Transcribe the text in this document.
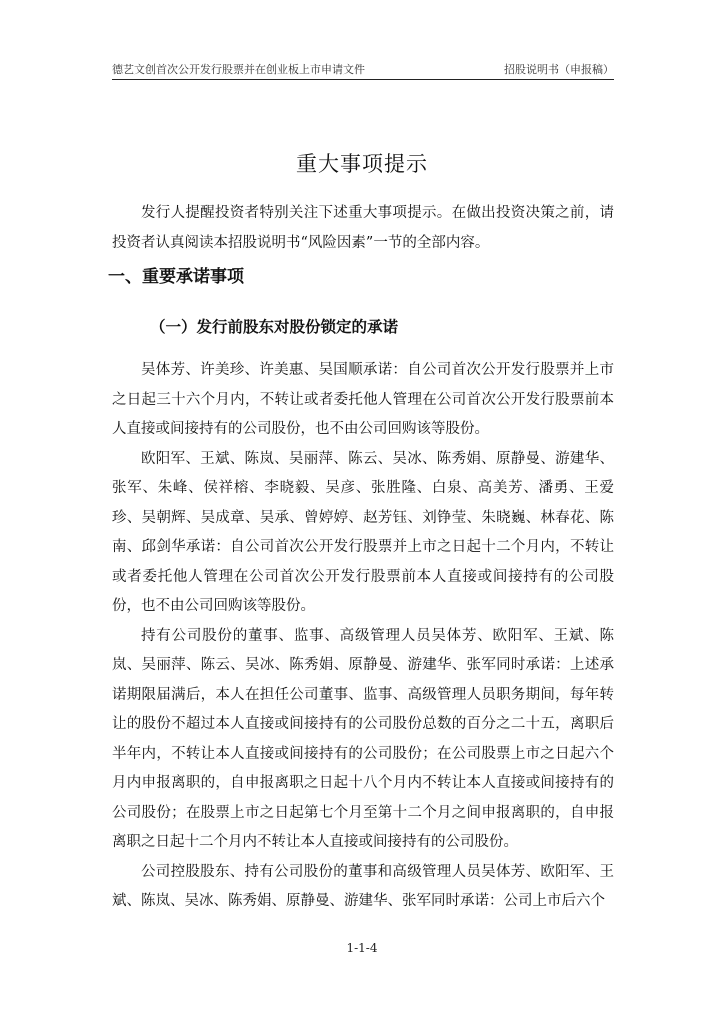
德艺文创首次公开发行股票并在创业板上市申请文件	招股说明书（申报稿）
重大事项提示

发行人提醒投资者特别关注下述重大事项提示。在做出投资决策之前，请投资者认真阅读本招股说明书“风险因素”一节的全部内容。

一、重要承诺事项
（一）发行前股东对股份锁定的承诺

吴体芳、许美珍、许美惠、吴国顺承诺：自公司首次公开发行股票并上市之日起三十六个月内，不转让或者委托他人管理在公司首次公开发行股票前本人直接或间接持有的公司股份，也不由公司回购该等股份。

欧阳军、王斌、陈岚、吴丽萍、陈云、吴冰、陈秀娟、原静曼、游建华、张军、朱峰、侯祥榕、李晓毅、吴彦、张胜隆、白泉、高美芳、潘勇、王爱珍、吴朝辉、吴成章、吴承、曾婷婷、赵芳钰、刘铮莹、朱晓巍、林春花、陈南、邱剑华承诺：自公司首次公开发行股票并上市之日起十二个月内，不转让或者委托他人管理在公司首次公开发行股票前本人直接或间接持有的公司股份，也不由公司回购该等股份。

持有公司股份的董事、监事、高级管理人员吴体芳、欧阳军、王斌、陈岚、吴丽萍、陈云、吴冰、陈秀娟、原静曼、游建华、张军同时承诺：上述承诺期限届满后，本人在担任公司董事、监事、高级管理人员职务期间，每年转让的股份不超过本人直接或间接持有的公司股份总数的百分之二十五，离职后半年内，不转让本人直接或间接持有的公司股份；在公司股票上市之日起六个月内申报离职的，自申报离职之日起十八个月内不转让本人直接或间接持有的公司股份；在股票上市之日起第七个月至第十二个月之间申报离职的，自申报离职之日起十二个月内不转让本人直接或间接持有的公司股份。

公司控股股东、持有公司股份的董事和高级管理人员吴体芳、欧阳军、王斌、陈岚、吴冰、陈秀娟、原静曼、游建华、张军同时承诺：公司上市后六个

1-1-4
